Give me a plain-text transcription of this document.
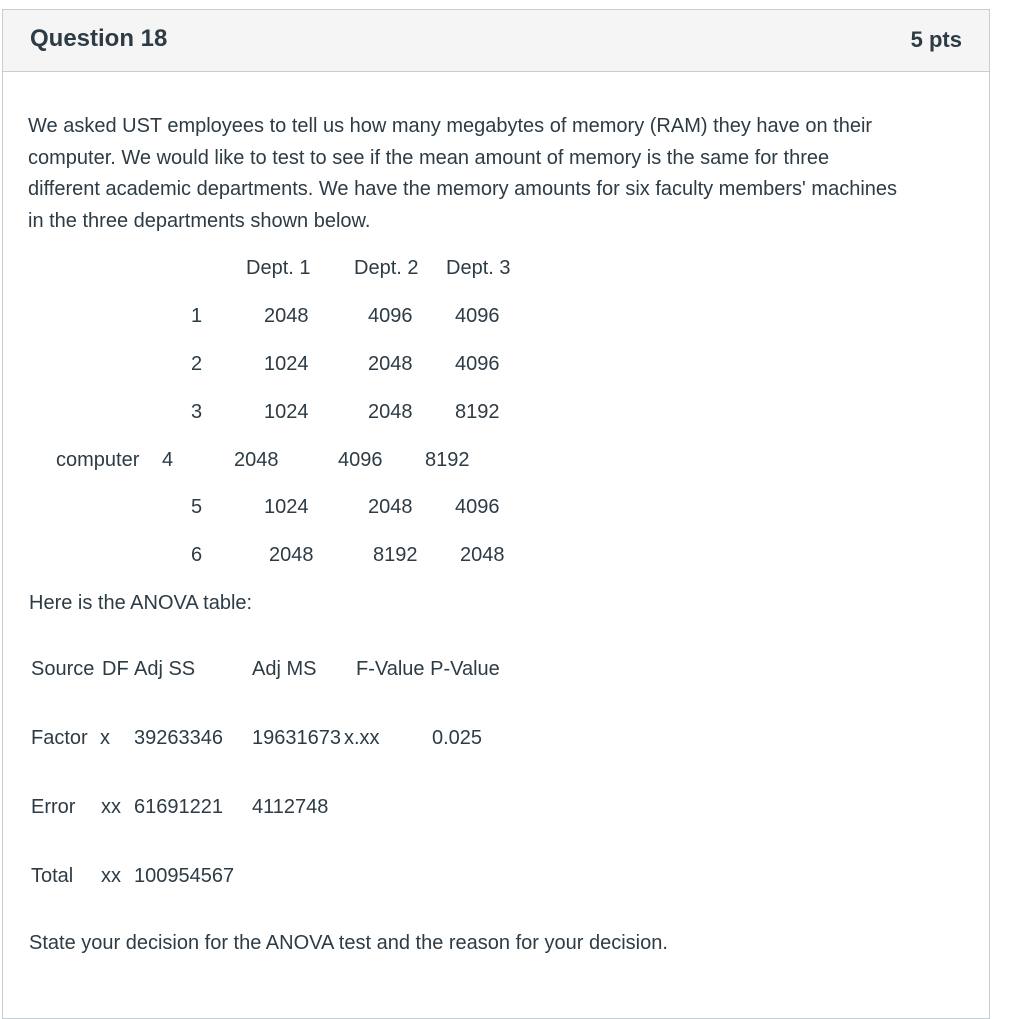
Question 18	5 pts

We asked UST employees to tell us how many megabytes of memory (RAM) they have on their

computer. We would like to test to see if the mean amount of memory is the same for three

different academic departments. We have the memory amounts for six faculty members' machines

in the three departments shown below.

Dept. 1 Dept. 2 Dept. 3
1	2048	4096 4096
2	1024	2048 4096
3	1024	2048 8192
computer 4	2048	4096 8192
5	1024	2048 4096
6	2048	8192 2048
Here is the ANOVA table:
Source DF Adj SS	Adj MS F-Value P-Value
Factor x 39263346 19631673 x.xx	0.025
Error xx 61691221 4112748
Total xx 100954567
State your decision for the ANOVA test and the reason for your decision.
